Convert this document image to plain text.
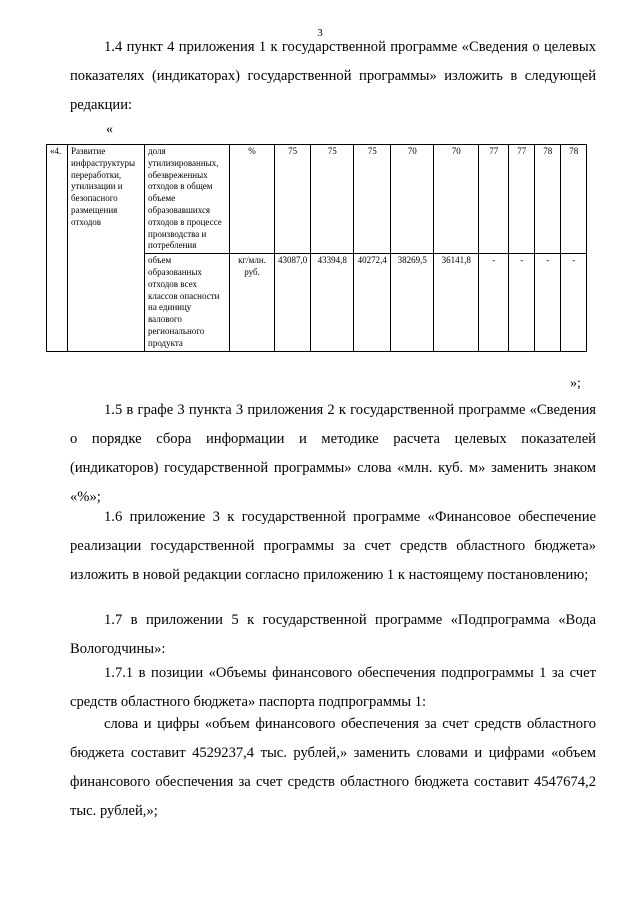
3

1.4 пункт 4 приложения 1 к государственной программе «Сведения о целевых показателях (индикаторах) государственной программы» изложить в следующей редакции:

«
«4.	Развитие инфраструктуры переработки, утилизации и безопасного размещения отходов	доля утилизированных, обезвреженных отходов в общем объеме образовавшихся отходов в процессе производства и потребления	%	75	75	75	70	70	77	77	78	78
		объем образованных отходов всех классов опасности на единицу валового регионального продукта	кг/млн. руб.	43087,0	43394,8	40272,4	38269,5	36141,8	-	-	-	-
»;

1.5 в графе 3 пункта 3 приложения 2 к государственной программе «Сведения о порядке сбора информации и методике расчета целевых показателей (индикаторов) государственной программы» слова «млн. куб. м» заменить знаком «%»;

1.6 приложение 3 к государственной программе «Финансовое обеспечение реализации государственной программы за счет средств областного бюджета» изложить в новой редакции согласно приложению 1 к настоящему постановлению;

1.7 в приложении 5 к государственной программе «Подпрограмма «Вода Вологодчины»:

1.7.1 в позиции «Объемы финансового обеспечения подпрограммы 1 за счет средств областного бюджета» паспорта подпрограммы 1:

слова и цифры «объем финансового обеспечения за счет средств областного бюджета составит 4529237,4 тыс. рублей,» заменить словами и цифрами «объем финансового обеспечения за счет средств областного бюджета составит 4547674,2 тыс. рублей,»;
